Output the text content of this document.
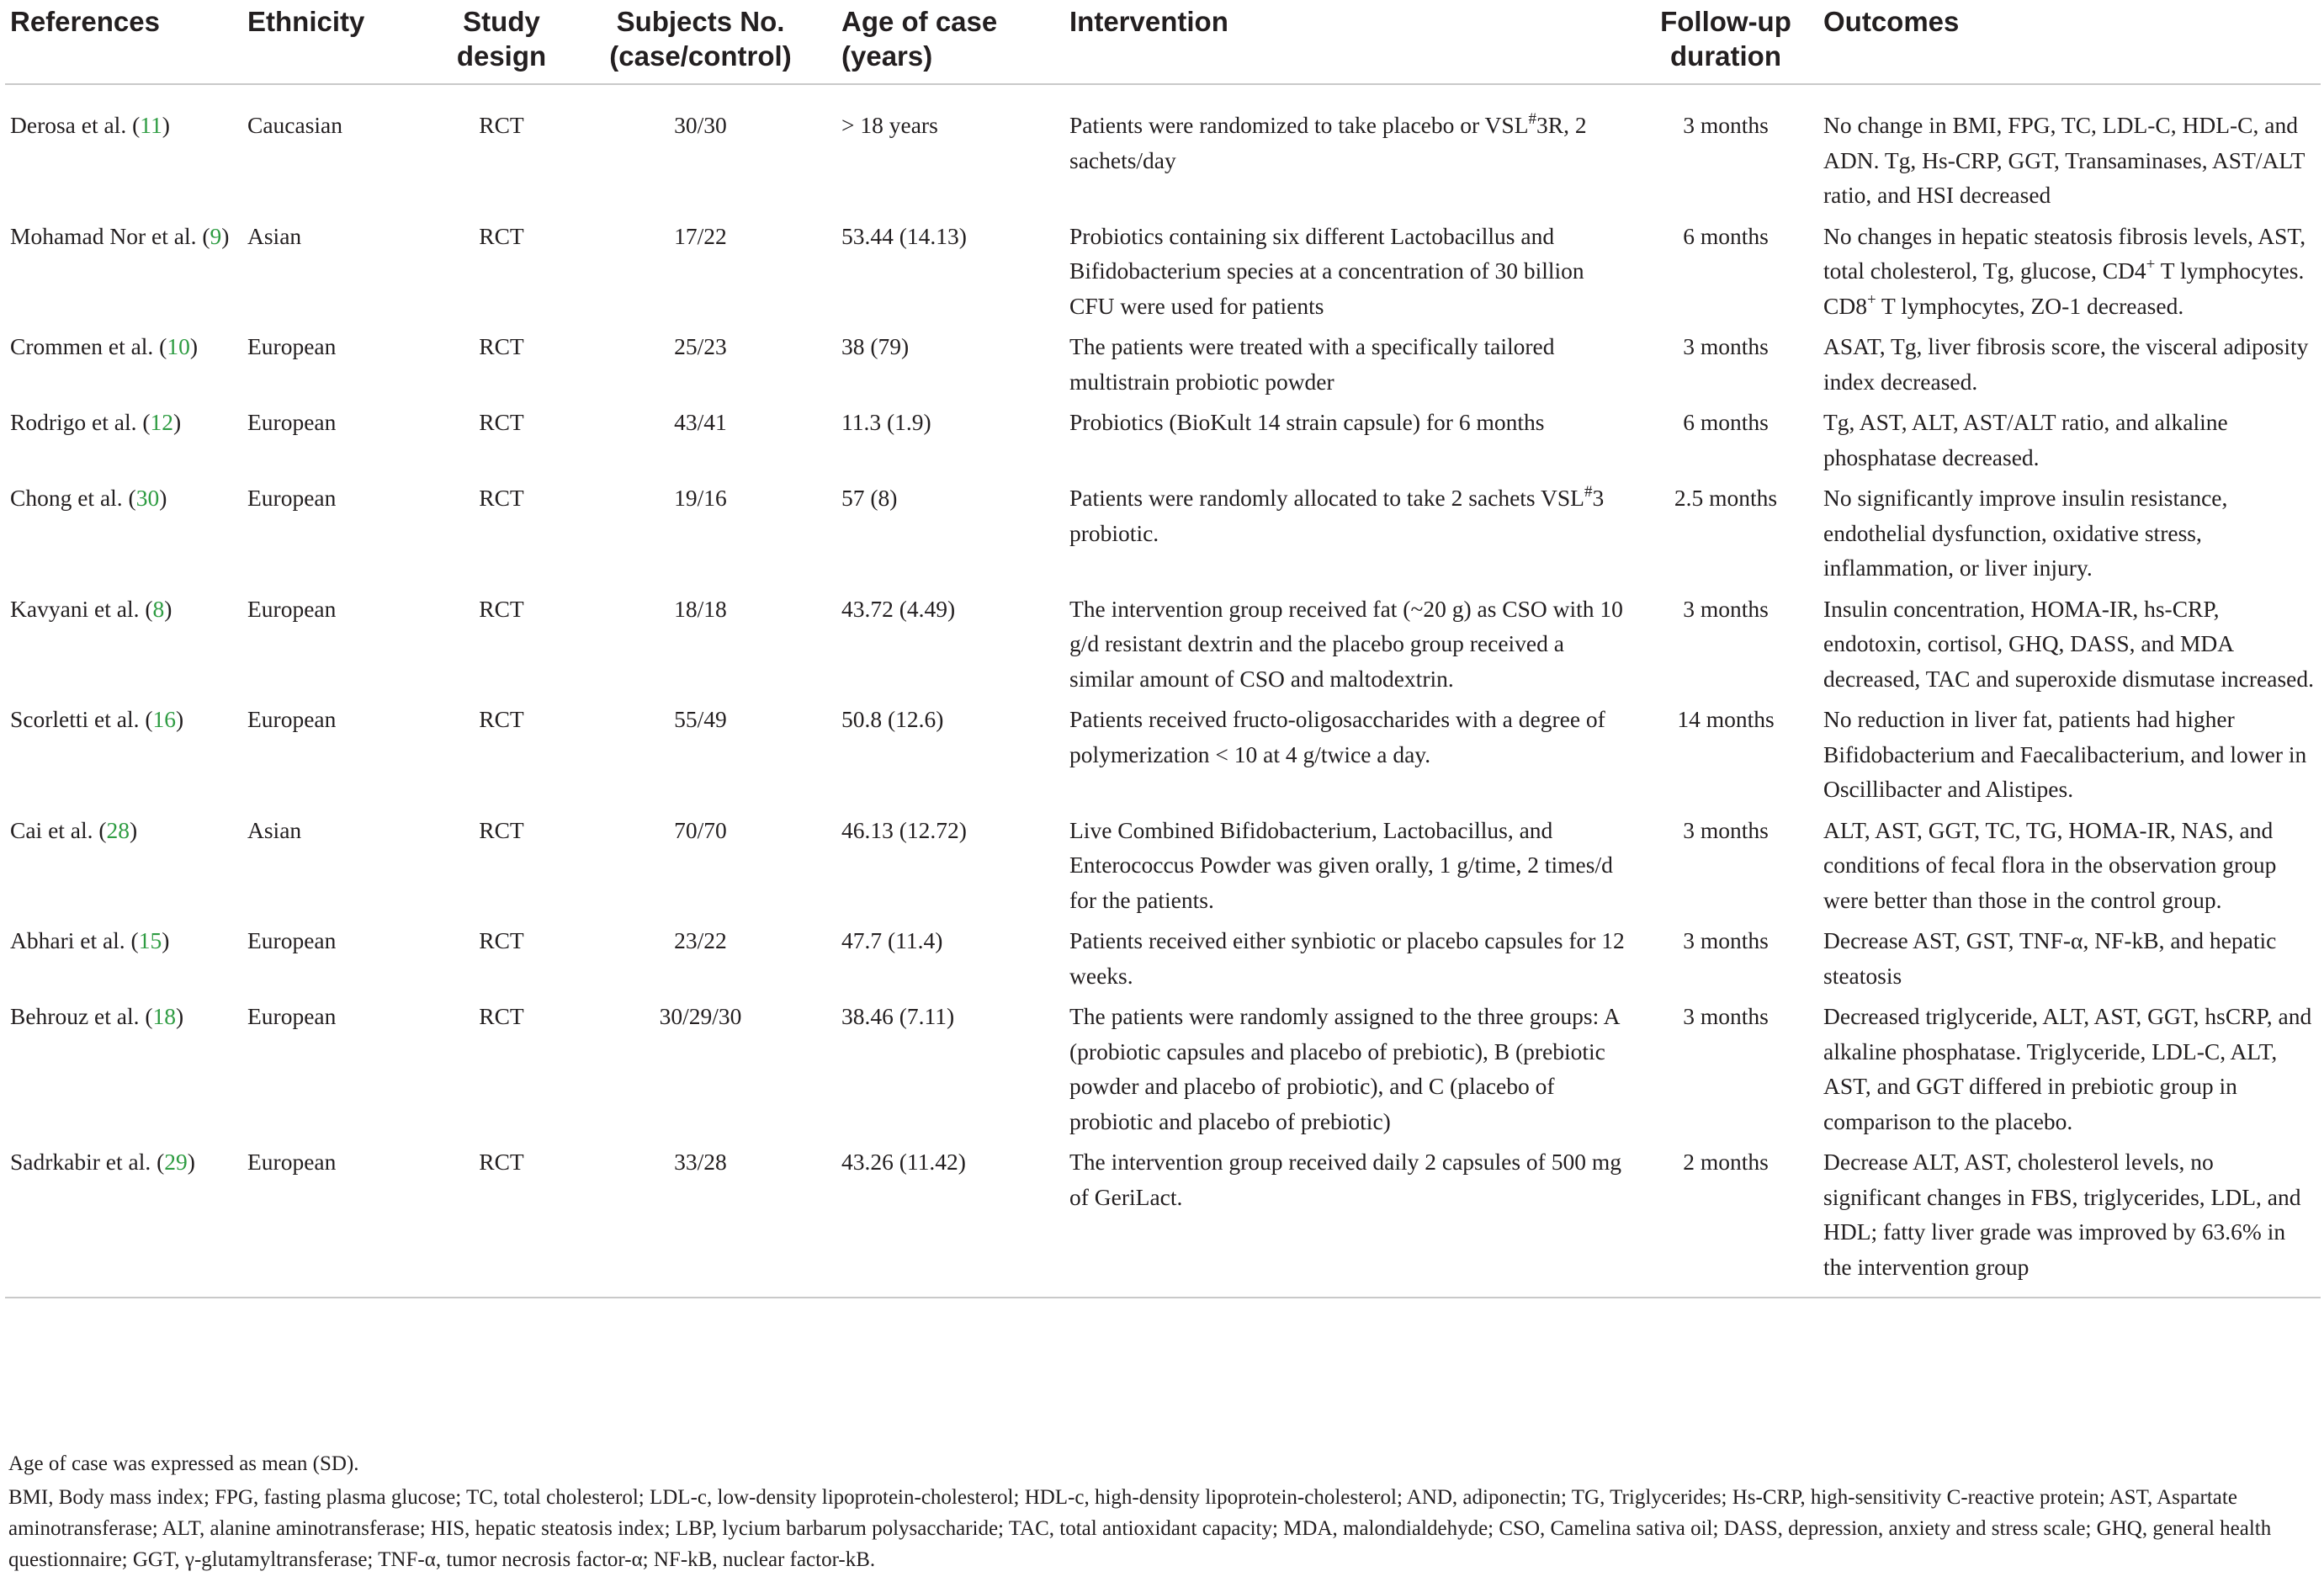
References	Ethnicity	Study design	Subjects No. (case/control)	Age of case (years)	Intervention	Follow-up duration	Outcomes
Derosa et al. (11)	Caucasian	RCT	30/30	> 18 years	Patients were randomized to take placebo or VSL#3R, 2 sachets/day	3 months	No change in BMI, FPG, TC, LDL-C, HDL-C, and ADN. Tg, Hs-CRP, GGT, Transaminases, AST/ALT ratio, and HSI decreased
Mohamad Nor et al. (9)	Asian	RCT	17/22	53.44 (14.13)	Probiotics containing six different Lactobacillus and Bifidobacterium species at a concentration of 30 billion CFU were used for patients	6 months	No changes in hepatic steatosis fibrosis levels, AST, total cholesterol, Tg, glucose, CD4+ T lymphocytes. CD8+ T lymphocytes, ZO-1 decreased.
Crommen et al. (10)	European	RCT	25/23	38 (79)	The patients were treated with a specifically tailored multistrain probiotic powder	3 months	ASAT, Tg, liver fibrosis score, the visceral adiposity index decreased.
Rodrigo et al. (12)	European	RCT	43/41	11.3 (1.9)	Probiotics (BioKult 14 strain capsule) for 6 months	6 months	Tg, AST, ALT, AST/ALT ratio, and alkaline phosphatase decreased.
Chong et al. (30)	European	RCT	19/16	57 (8)	Patients were randomly allocated to take 2 sachets VSL#3 probiotic.	2.5 months	No significantly improve insulin resistance, endothelial dysfunction, oxidative stress, inflammation, or liver injury.
Kavyani et al. (8)	European	RCT	18/18	43.72 (4.49)	The intervention group received fat (~20 g) as CSO with 10 g/d resistant dextrin and the placebo group received a similar amount of CSO and maltodextrin.	3 months	Insulin concentration, HOMA-IR, hs-CRP, endotoxin, cortisol, GHQ, DASS, and MDA decreased, TAC and superoxide dismutase increased.
Scorletti et al. (16)	European	RCT	55/49	50.8 (12.6)	Patients received fructo-oligosaccharides with a degree of polymerization < 10 at 4 g/twice a day.	14 months	No reduction in liver fat, patients had higher Bifidobacterium and Faecalibacterium, and lower in Oscillibacter and Alistipes.
Cai et al. (28)	Asian	RCT	70/70	46.13 (12.72)	Live Combined Bifidobacterium, Lactobacillus, and Enterococcus Powder was given orally, 1 g/time, 2 times/d for the patients.	3 months	ALT, AST, GGT, TC, TG, HOMA-IR, NAS, and conditions of fecal flora in the observation group were better than those in the control group.
Abhari et al. (15)	European	RCT	23/22	47.7 (11.4)	Patients received either synbiotic or placebo capsules for 12 weeks.	3 months	Decrease AST, GST, TNF-α, NF-kB, and hepatic steatosis
Behrouz et al. (18)	European	RCT	30/29/30	38.46 (7.11)	The patients were randomly assigned to the three groups: A (probiotic capsules and placebo of prebiotic), B (prebiotic powder and placebo of probiotic), and C (placebo of probiotic and placebo of prebiotic)	3 months	Decreased triglyceride, ALT, AST, GGT, hsCRP, and alkaline phosphatase. Triglyceride, LDL-C, ALT, AST, and GGT differed in prebiotic group in comparison to the placebo.
Sadrkabir et al. (29)	European	RCT	33/28	43.26 (11.42)	The intervention group received daily 2 capsules of 500 mg of GeriLact.	2 months	Decrease ALT, AST, cholesterol levels, no significant changes in FBS, triglycerides, LDL, and HDL; fatty liver grade was improved by 63.6% in the intervention group

Age of case was expressed as mean (SD).

BMI, Body mass index; FPG, fasting plasma glucose; TC, total cholesterol; LDL-c, low-density lipoprotein-cholesterol; HDL-c, high-density lipoprotein-cholesterol; AND, adiponectin; TG, Triglycerides; Hs-CRP, high-sensitivity C-reactive protein; AST, Aspartate aminotransferase; ALT, alanine aminotransferase; HIS, hepatic steatosis index; LBP, lycium barbarum polysaccharide; TAC, total antioxidant capacity; MDA, malondialdehyde; CSO, Camelina sativa oil; DASS, depression, anxiety and stress scale; GHQ, general health questionnaire; GGT, γ-glutamyltransferase; TNF-α, tumor necrosis factor-α; NF-kB, nuclear factor-kB.
